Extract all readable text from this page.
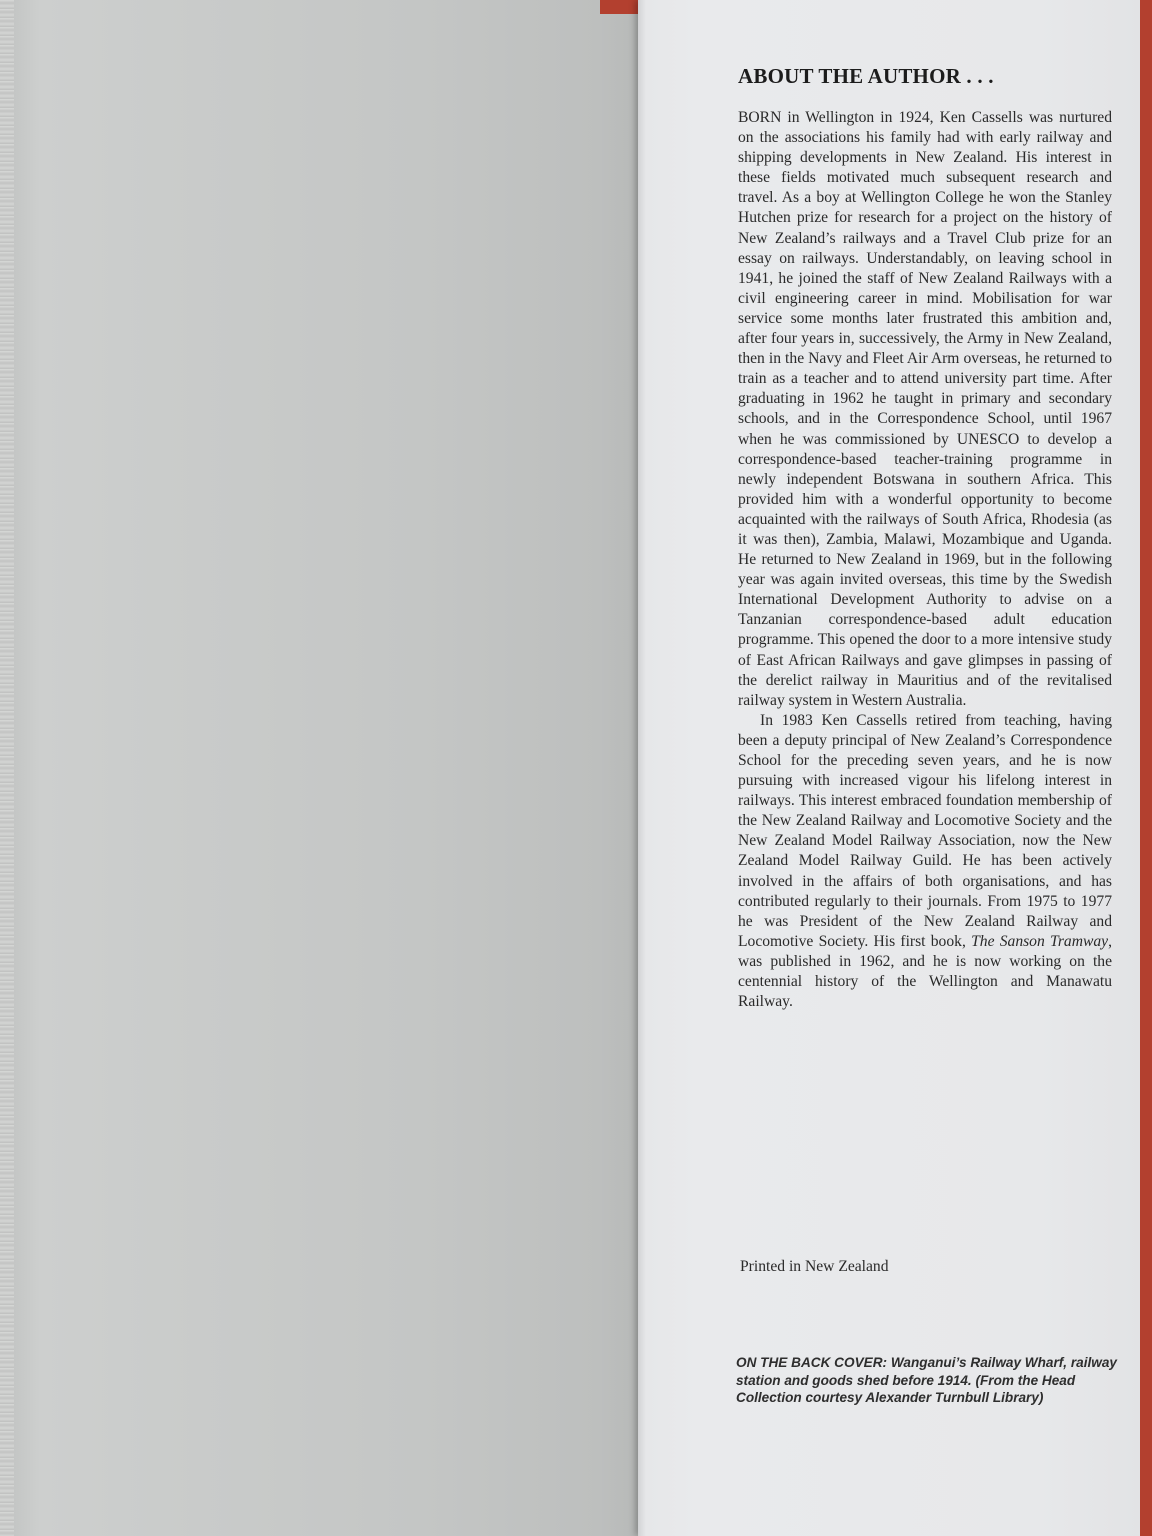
ABOUT THE AUTHOR . . .

BORN in Wellington in 1924, Ken Cassells was nurtured on the associations his family had with early railway and shipping developments in New Zealand. His interest in these fields motivated much subsequent research and travel. As a boy at Wellington College he won the Stanley Hutchen prize for research for a project on the history of New Zealand’s railways and a Travel Club prize for an essay on railways. Understandably, on leaving school in 1941, he joined the staff of New Zealand Railways with a civil engineering career in mind. Mobilisation for war service some months later frustrated this ambition and, after four years in, successively, the Army in New Zealand, then in the Navy and Fleet Air Arm overseas, he returned to train as a teacher and to attend university part time. After graduating in 1962 he taught in primary and secondary schools, and in the Correspondence School, until 1967 when he was commissioned by UNESCO to develop a correspondence-based teacher-training programme in newly independent Botswana in southern Africa. This provided him with a wonderful opportunity to become acquainted with the railways of South Africa, Rhodesia (as it was then), Zambia, Malawi, Mozambique and Uganda. He returned to New Zealand in 1969, but in the following year was again invited overseas, this time by the Swedish International Development Authority to advise on a Tanzanian correspondence-based adult education programme. This opened the door to a more intensive study of East African Railways and gave glimpses in passing of the derelict railway in Mauritius and of the revitalised railway system in Western Australia.

In 1983 Ken Cassells retired from teaching, having been a deputy principal of New Zealand’s Correspondence School for the preceding seven years, and he is now pursuing with increased vigour his lifelong interest in railways. This interest embraced foundation membership of the New Zealand Railway and Locomotive Society and the New Zealand Model Railway Association, now the New Zealand Model Railway Guild. He has been actively involved in the affairs of both organisations, and has contributed regularly to their journals. From 1975 to 1977 he was President of the New Zealand Railway and Locomotive Society. His first book, The Sanson Tramway, was published in 1962, and he is now working on the centennial history of the Wellington and Manawatu Railway.

Printed in New Zealand
ON THE BACK COVER: Wanganui’s Railway Wharf, railway station and goods shed before 1914. (From the Head Collection courtesy Alexander Turnbull Library)
